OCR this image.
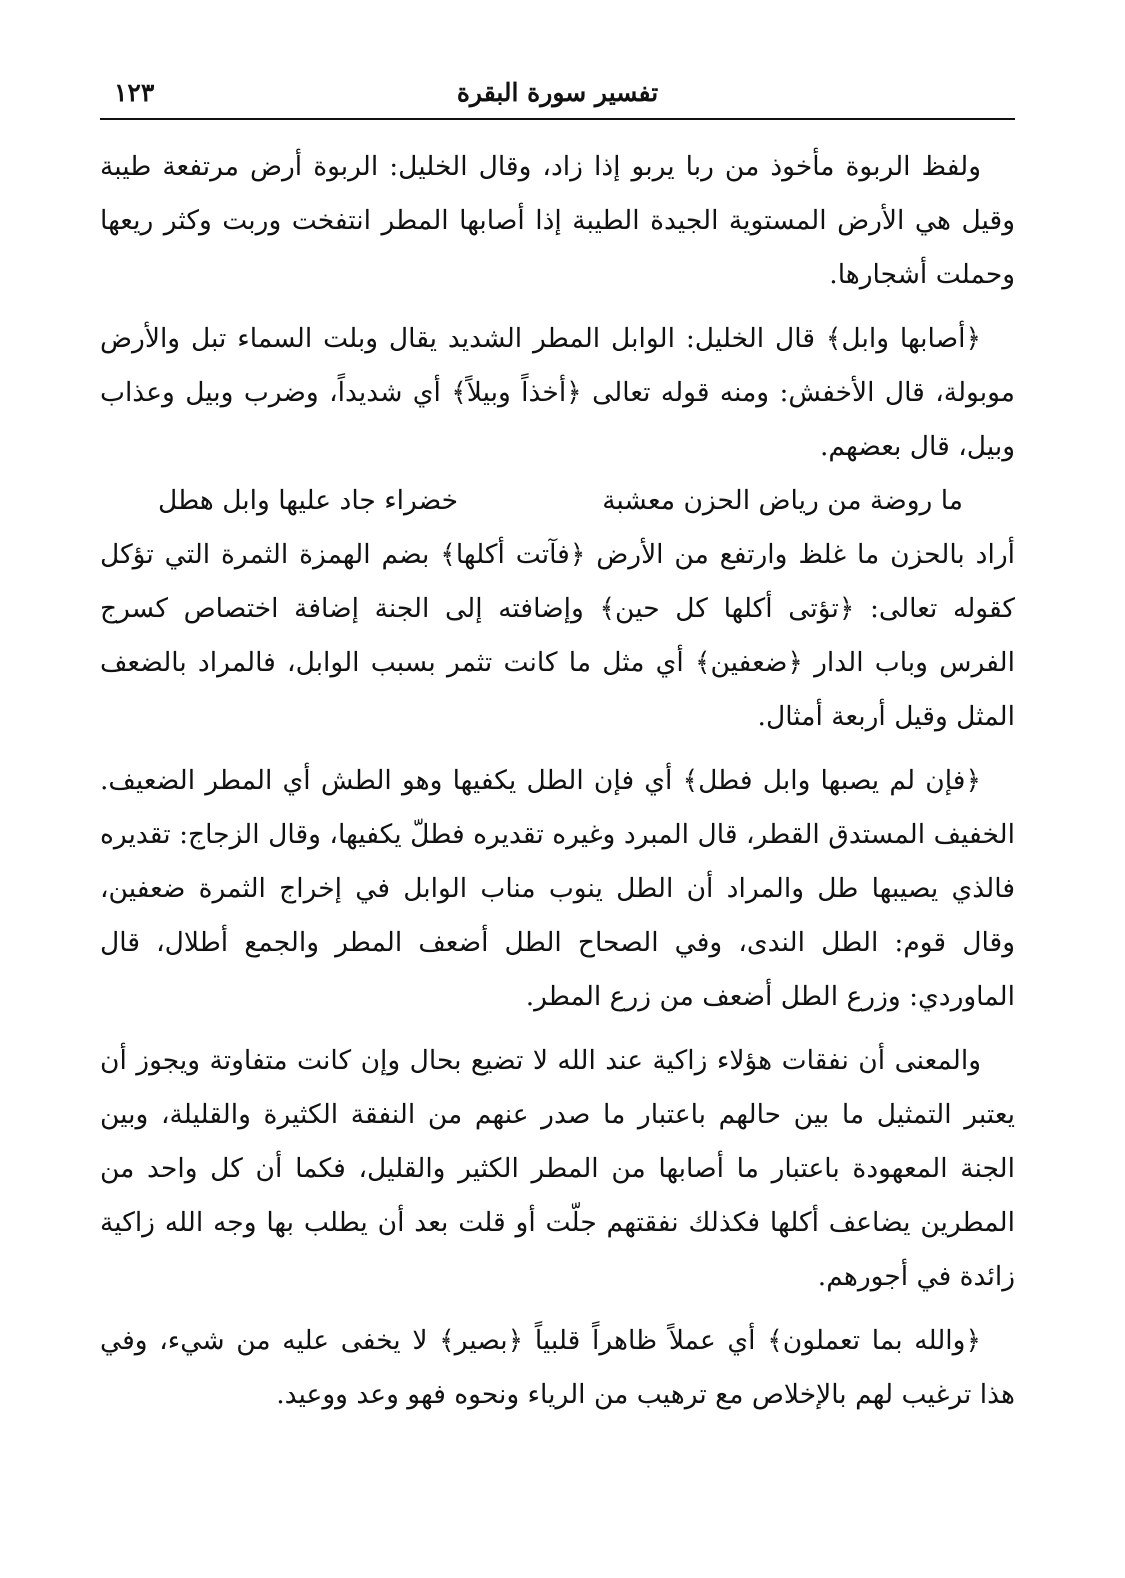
تفسير سورة البقرة
١٢٣

ولفظ الربوة مأخوذ من ربا يربو إذا زاد، وقال الخليل: الربوة أرض مرتفعة طيبة وقيل هي الأرض المستوية الجيدة الطيبة إذا أصابها المطر انتفخت وربت وكثر ريعها وحملت أشجارها.

﴿أصابها وابل﴾ قال الخليل: الوابل المطر الشديد يقال وبلت السماء تبل والأرض موبولة، قال الأخفش: ومنه قوله تعالى ﴿أخذاً وبيلاً﴾ أي شديداً، وضرب وبيل وعذاب وبيل، قال بعضهم.

ما روضة من رياض الحزن معشبة
خضراء جاد عليها وابل هطل

أراد بالحزن ما غلظ وارتفع من الأرض ﴿فآتت أكلها﴾ بضم الهمزة الثمرة التي تؤكل كقوله تعالى: ﴿تؤتى أكلها كل حين﴾ وإضافته إلى الجنة إضافة اختصاص كسرج الفرس وباب الدار ﴿ضعفين﴾ أي مثل ما كانت تثمر بسبب الوابل، فالمراد بالضعف المثل وقيل أربعة أمثال.

﴿فإن لم يصبها وابل فطل﴾ أي فإن الطل يكفيها وهو الطش أي المطر الضعيف. الخفيف المستدق القطر، قال المبرد وغيره تقديره فطلّ يكفيها، وقال الزجاج: تقديره فالذي يصيبها طل والمراد أن الطل ينوب مناب الوابل في إخراج الثمرة ضعفين، وقال قوم: الطل الندى، وفي الصحاح الطل أضعف المطر والجمع أطلال، قال الماوردي: وزرع الطل أضعف من زرع المطر.

والمعنى أن نفقات هؤلاء زاكية عند الله لا تضيع بحال وإن كانت متفاوتة ويجوز أن يعتبر التمثيل ما بين حالهم باعتبار ما صدر عنهم من النفقة الكثيرة والقليلة، وبين الجنة المعهودة باعتبار ما أصابها من المطر الكثير والقليل، فكما أن كل واحد من المطرين يضاعف أكلها فكذلك نفقتهم جلّت أو قلت بعد أن يطلب بها وجه الله زاكية زائدة في أجورهم.

﴿والله بما تعملون﴾ أي عملاً ظاهراً قلبياً ﴿بصير﴾ لا يخفى عليه من شيء، وفي هذا ترغيب لهم بالإخلاص مع ترهيب من الرياء ونحوه فهو وعد ووعيد.
